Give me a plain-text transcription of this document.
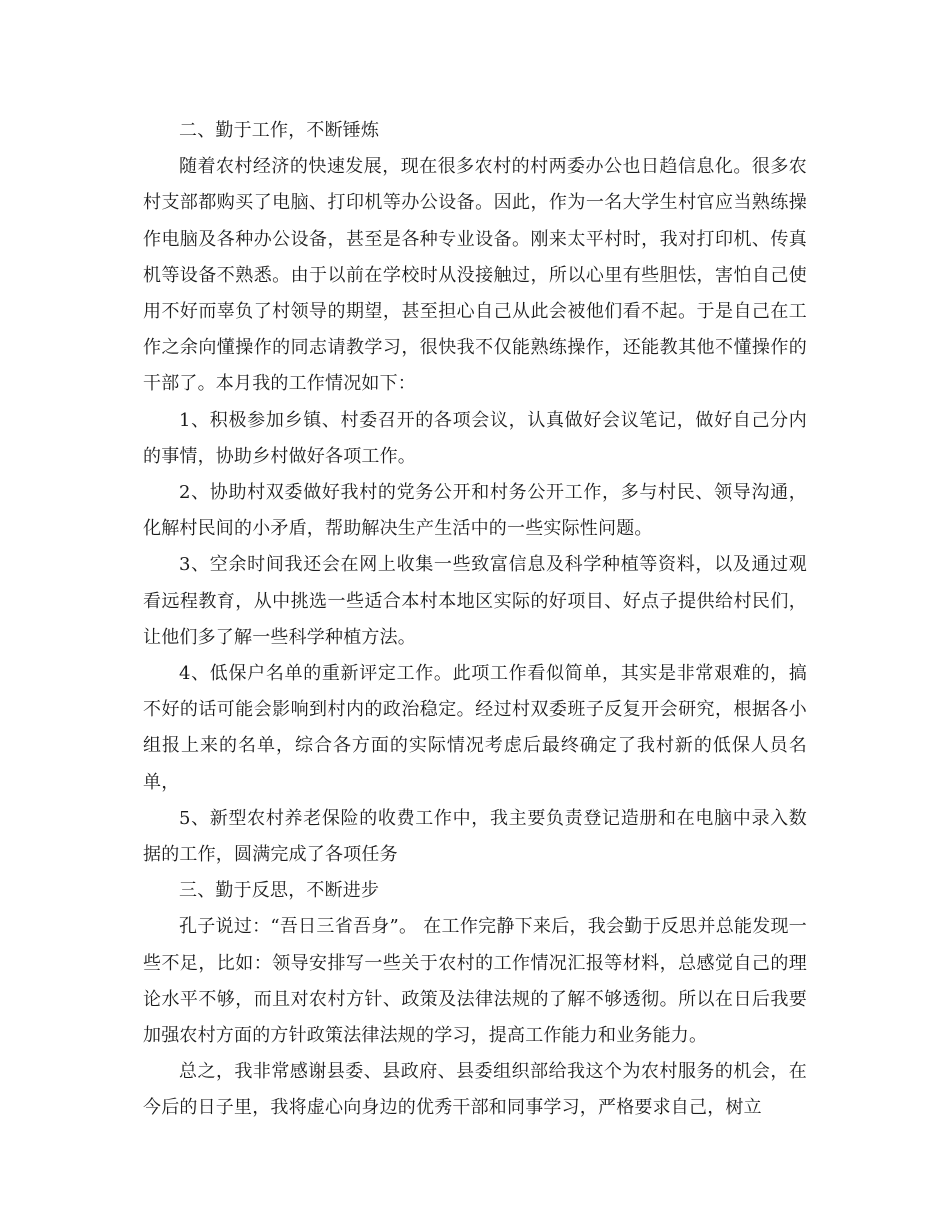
二、勤于工作，不断锤炼

随着农村经济的快速发展，现在很多农村的村两委办公也日趋信息化。很多农村支部都购买了电脑、打印机等办公设备。因此，作为一名大学生村官应当熟练操作电脑及各种办公设备，甚至是各种专业设备。刚来太平村时，我对打印机、传真机等设备不熟悉。由于以前在学校时从没接触过，所以心里有些胆怯，害怕自己使用不好而辜负了村领导的期望，甚至担心自己从此会被他们看不起。于是自己在工作之余向懂操作的同志请教学习，很快我不仅能熟练操作，还能教其他不懂操作的干部了。本月我的工作情况如下：

1、积极参加乡镇、村委召开的各项会议，认真做好会议笔记，做好自己分内的事情，协助乡村做好各项工作。

2、协助村双委做好我村的党务公开和村务公开工作，多与村民、领导沟通，化解村民间的小矛盾，帮助解决生产生活中的一些实际性问题。

3、空余时间我还会在网上收集一些致富信息及科学种植等资料，以及通过观看远程教育，从中挑选一些适合本村本地区实际的好项目、好点子提供给村民们，让他们多了解一些科学种植方法。

4、低保户名单的重新评定工作。此项工作看似简单，其实是非常艰难的，搞不好的话可能会影响到村内的政治稳定。经过村双委班子反复开会研究，根据各小组报上来的名单，综合各方面的实际情况考虑后最终确定了我村新的低保人员名单，

5、新型农村养老保险的收费工作中，我主要负责登记造册和在电脑中录入数据的工作，圆满完成了各项任务

三、勤于反思，不断进步

孔子说过：“吾日三省吾身”。 在工作完静下来后，我会勤于反思并总能发现一些不足，比如：领导安排写一些关于农村的工作情况汇报等材料，总感觉自己的理论水平不够，而且对农村方针、政策及法律法规的了解不够透彻。所以在日后我要加强农村方面的方针政策法律法规的学习，提高工作能力和业务能力。

总之，我非常感谢县委、县政府、县委组织部给我这个为农村服务的机会，在今后的日子里，我将虚心向身边的优秀干部和同事学习，严格要求自己，树立
